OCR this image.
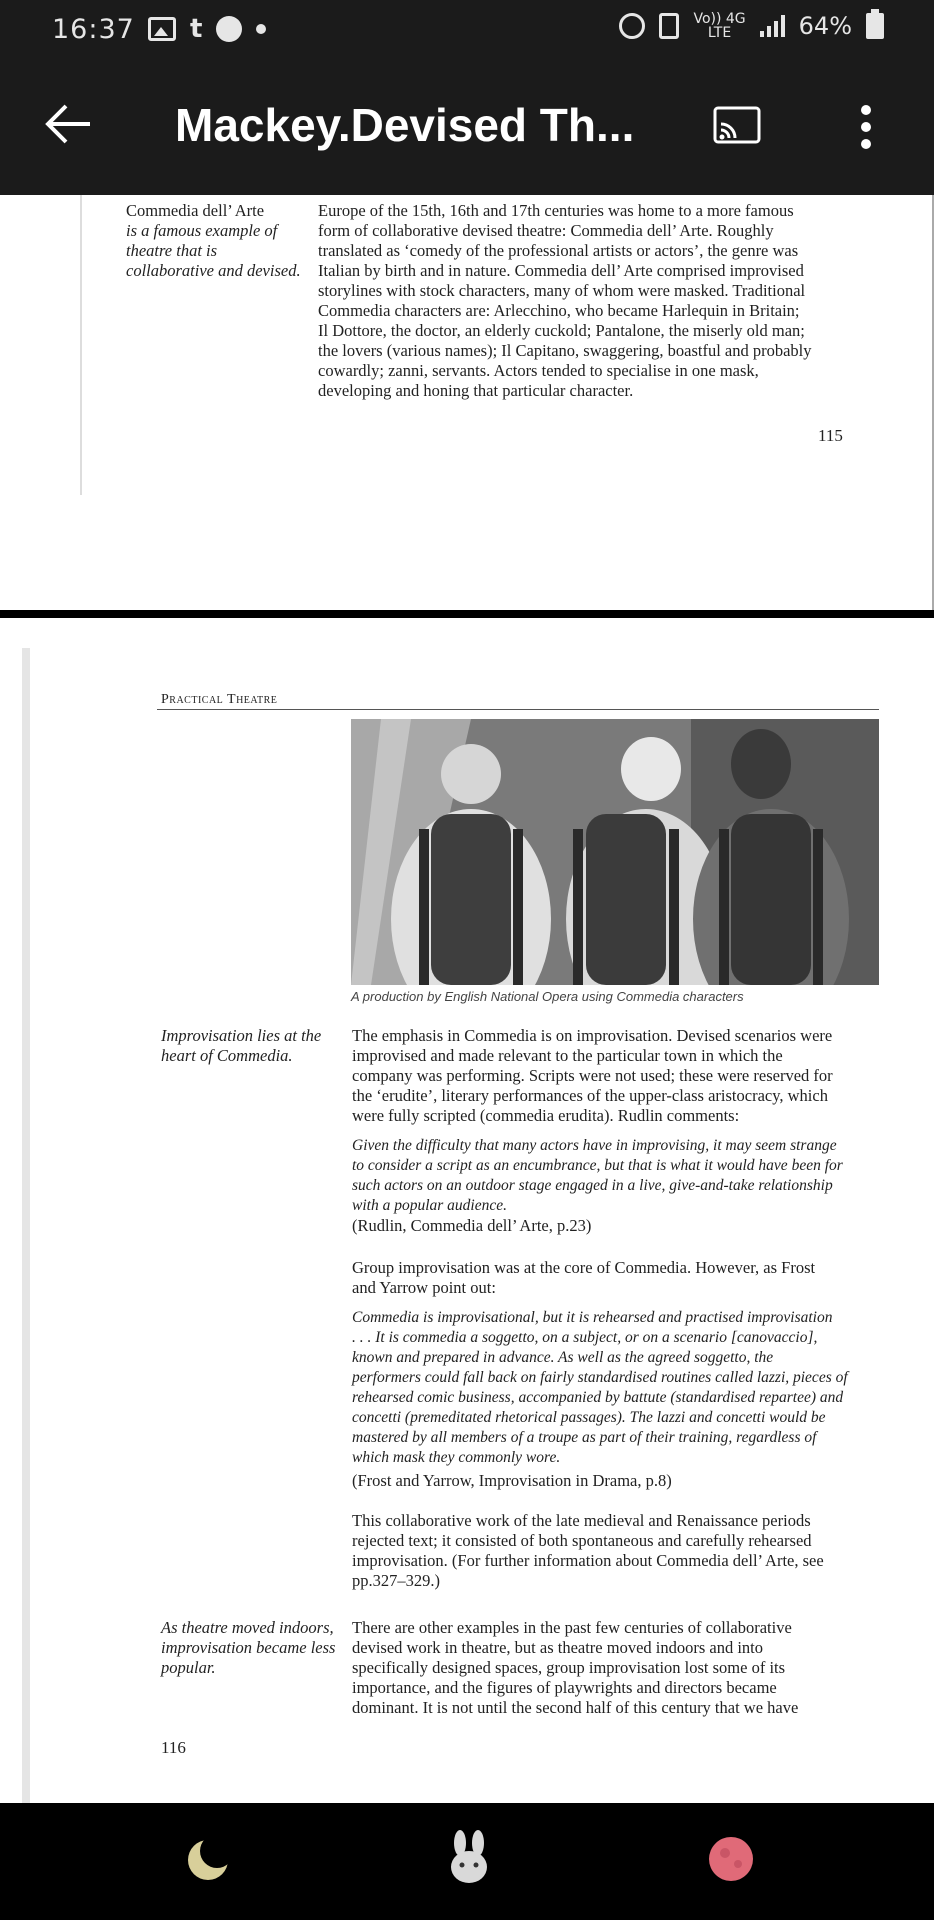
16:37 t	Vo)) 4G
LTE	64%
Mackey.Devised Th...
Commedia dell’ Arte
is a famous example of
theatre that is
collaborative and devised.
Europe of the 15th, 16th and 17th centuries was home to a more famous
form of collaborative devised theatre: Commedia dell’ Arte. Roughly
translated as ‘comedy of the professional artists or actors’, the genre was
Italian by birth and in nature. Commedia dell’ Arte comprised improvised
storylines with stock characters, many of whom were masked. Traditional
Commedia characters are: Arlecchino, who became Harlequin in Britain;
Il Dottore, the doctor, an elderly cuckold; Pantalone, the miserly old man;
the lovers (various names); Il Capitano, swaggering, boastful and probably
cowardly; zanni, servants. Actors tended to specialise in one mask,
developing and honing that particular character.
115
Practical Theatre
A production by English National Opera using Commedia characters
Improvisation lies at the
heart of Commedia.
The emphasis in Commedia is on improvisation. Devised scenarios were
improvised and made relevant to the particular town in which the
company was performing. Scripts were not used; these were reserved for
the ‘erudite’, literary performances of the upper-class aristocracy, which
were fully scripted (commedia erudita). Rudlin comments:
Given the difficulty that many actors have in improvising, it may seem strange
to consider a script as an encumbrance, but that is what it would have been for
such actors on an outdoor stage engaged in a live, give-and-take relationship
with a popular audience.
(Rudlin, Commedia dell’ Arte, p.23)
Group improvisation was at the core of Commedia. However, as Frost
and Yarrow point out:
Commedia is improvisational, but it is rehearsed and practised improvisation
. . . It is commedia a soggetto, on a subject, or on a scenario [canovaccio],
known and prepared in advance. As well as the agreed soggetto, the
performers could fall back on fairly standardised routines called lazzi, pieces of
rehearsed comic business, accompanied by battute (standardised repartee) and
concetti (premeditated rhetorical passages). The lazzi and concetti would be
mastered by all members of a troupe as part of their training, regardless of
which mask they commonly wore.
(Frost and Yarrow, Improvisation in Drama, p.8)
This collaborative work of the late medieval and Renaissance periods
rejected text; it consisted of both spontaneous and carefully rehearsed
improvisation. (For further information about Commedia dell’ Arte, see
pp.327–329.)
As theatre moved indoors,
improvisation became less
popular.
There are other examples in the past few centuries of collaborative
devised work in theatre, but as theatre moved indoors and into
specifically designed spaces, group improvisation lost some of its
importance, and the figures of playwrights and directors became
dominant. It is not until the second half of this century that we have
116
